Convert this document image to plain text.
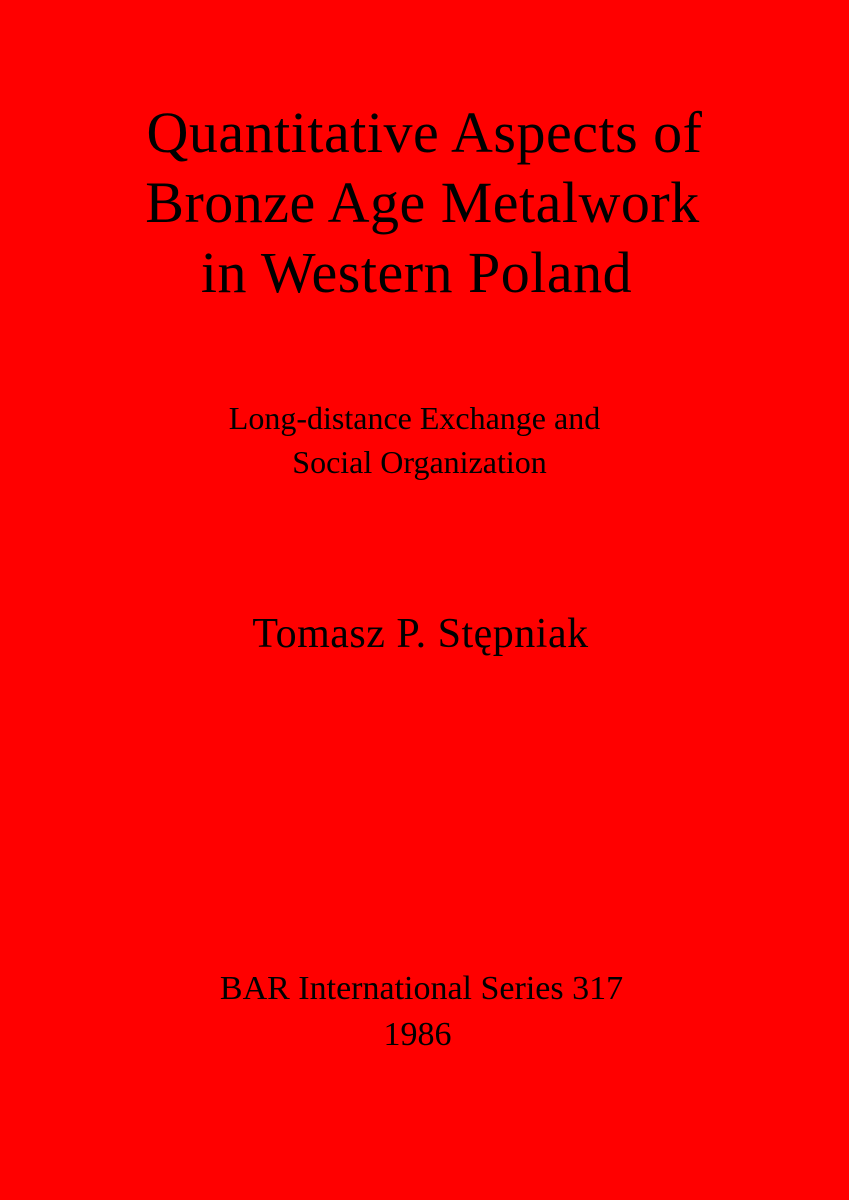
Quantitative Aspects of
Bronze Age Metalwork
in Western Poland
Long-distance Exchange and
Social Organization
Tomasz P. Stępniak
BAR International Series 317
1986
